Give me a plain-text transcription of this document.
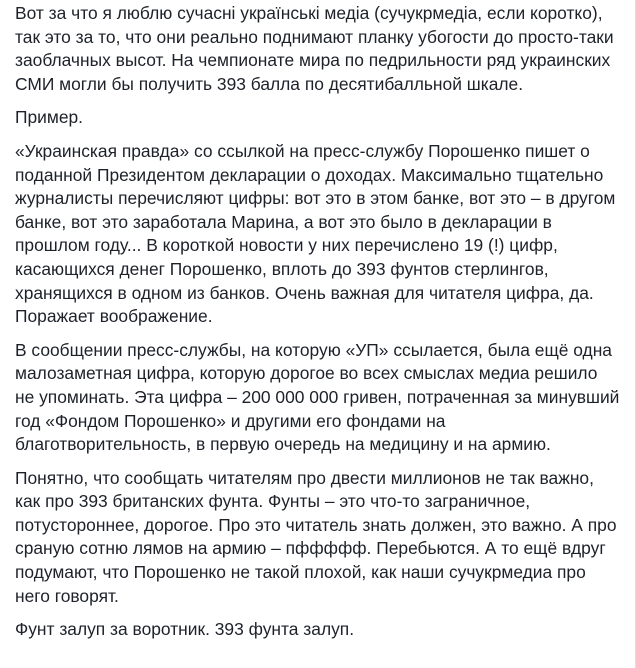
Вот за что я люблю сучасні українські медіа (сучукрмедіа, если коротко), так это за то, что они реально поднимают планку убогости до просто-таки заоблачных высот. На чемпионате мира по педрильности ряд украинских СМИ могли бы получить 393 балла по десятибалльной шкале.

Пример.

«Украинская правда» со ссылкой на пресс-службу Порошенко пишет о поданной Президентом декларации о доходах. Максимально тщательно журналисты перечисляют цифры: вот это в этом банке, вот это – в другом банке, вот это заработала Марина, а вот это было в декларации в прошлом году... В короткой новости у них перечислено 19 (!) цифр, касающихся денег Порошенко, вплоть до 393 фунтов стерлингов, хранящихся в одном из банков. Очень важная для читателя цифра, да. Поражает воображение.

В сообщении пресс-службы, на которую «УП» ссылается, была ещё одна малозаметная цифра, которую дорогое во всех смыслах медиа решило не упоминать. Эта цифра – 200 000 000 гривен, потраченная за минувший год «Фондом Порошенко» и другими его фондами на благотворительность, в первую очередь на медицину и на армию.

Понятно, что сообщать читателям про двести миллионов не так важно, как про 393 британских фунта. Фунты – это что-то заграничное, потустороннее, дорогое. Про это читатель знать должен, это важно. А про сраную сотню лямов на армию – пффффф. Перебьются. А то ещё вдруг подумают, что Порошенко не такой плохой, как наши сучукрмедиа про него говорят.

Фунт залуп за воротник. 393 фунта залуп.
